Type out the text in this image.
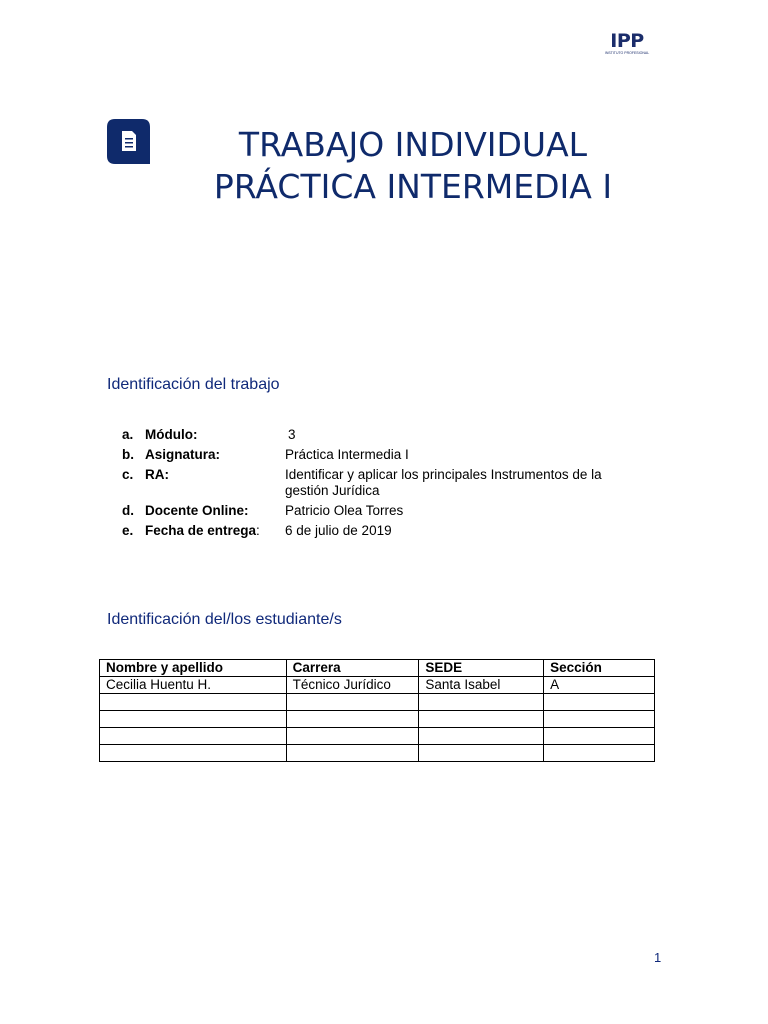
IPP
INSTITUTO PROFESIONAL
TRABAJO INDIVIDUAL
PRÁCTICA INTERMEDIA I
Identificación del trabajo
a. Módulo:	3
b. Asignatura:	Práctica Intermedia I
c. RA:	Identificar y aplicar los principales Instrumentos de la gestión Jurídica
d. Docente Online:	Patricio Olea Torres
e. Fecha de entrega: 6 de julio de 2019
Identificación del/los estudiante/s
Nombre y apellido	Carrera	SEDE	Sección
Cecilia Huentu H.	Técnico Jurídico	Santa Isabel	A

1
